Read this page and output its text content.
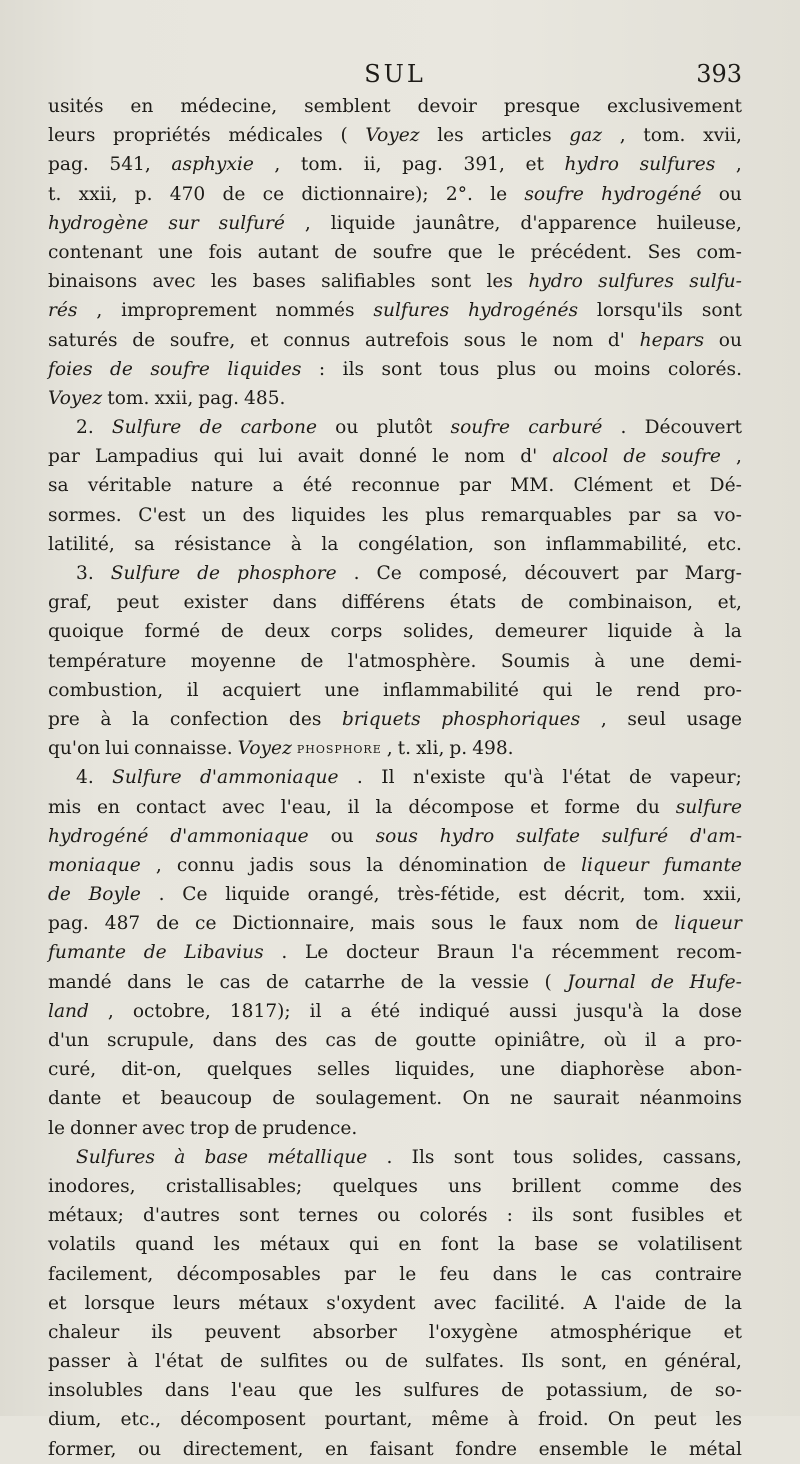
SUL	393
usités en médecine, semblent devoir presque exclusivement
leurs propriétés médicales ( Voyez les articles gaz , tom. xvii,
pag. 541, asphyxie , tom. ii, pag. 391, et hydro sulfures ,
t. xxii, p. 470 de ce dictionnaire); 2°. le soufre hydrogéné ou
hydrogène sur sulfuré , liquide jaunâtre, d'apparence huileuse,
contenant une fois autant de soufre que le précédent. Ses com-
binaisons avec les bases salifiables sont les hydro sulfures sulfu-
rés , improprement nommés sulfures hydrogénés lorsqu'ils sont
saturés de soufre, et connus autrefois sous le nom d' hepars ou
foies de soufre liquides : ils sont tous plus ou moins colorés.
Voyez tom. xxii, pag. 485.
2. Sulfure de carbone ou plutôt soufre carburé . Découvert
par Lampadius qui lui avait donné le nom d' alcool de soufre ,
sa véritable nature a été reconnue par MM. Clément et Dé-
sormes. C'est un des liquides les plus remarquables par sa vo-
latilité, sa résistance à la congélation, son inflammabilité, etc.
3. Sulfure de phosphore . Ce composé, découvert par Marg-
graf, peut exister dans différens états de combinaison, et,
quoique formé de deux corps solides, demeurer liquide à la
température moyenne de l'atmosphère. Soumis à une demi-
combustion, il acquiert une inflammabilité qui le rend pro-
pre à la confection des briquets phosphoriques , seul usage
qu'on lui connaisse. Voyez phosphore , t. xli, p. 498.
4. Sulfure d'ammoniaque . Il n'existe qu'à l'état de vapeur;
mis en contact avec l'eau, il la décompose et forme du sulfure
hydrogéné d'ammoniaque ou sous hydro sulfate sulfuré d'am-
moniaque , connu jadis sous la dénomination de liqueur fumante
de Boyle . Ce liquide orangé, très-fétide, est décrit, tom. xxii,
pag. 487 de ce Dictionnaire, mais sous le faux nom de liqueur
fumante de Libavius . Le docteur Braun l'a récemment recom-
mandé dans le cas de catarrhe de la vessie ( Journal de Hufe-
land , octobre, 1817); il a été indiqué aussi jusqu'à la dose
d'un scrupule, dans des cas de goutte opiniâtre, où il a pro-
curé, dit-on, quelques selles liquides, une diaphorèse abon-
dante et beaucoup de soulagement. On ne saurait néanmoins
le donner avec trop de prudence.
Sulfures à base métallique . Ils sont tous solides, cassans,
inodores, cristallisables; quelques uns brillent comme des
métaux; d'autres sont ternes ou colorés : ils sont fusibles et
volatils quand les métaux qui en font la base se volatilisent
facilement, décomposables par le feu dans le cas contraire
et lorsque leurs métaux s'oxydent avec facilité. A l'aide de la
chaleur ils peuvent absorber l'oxygène atmosphérique et
passer à l'état de sulfites ou de sulfates. Ils sont, en général,
insolubles dans l'eau que les sulfures de potassium, de so-
dium, etc., décomposent pourtant, même à froid. On peut les
former, ou directement, en faisant fondre ensemble le métal
